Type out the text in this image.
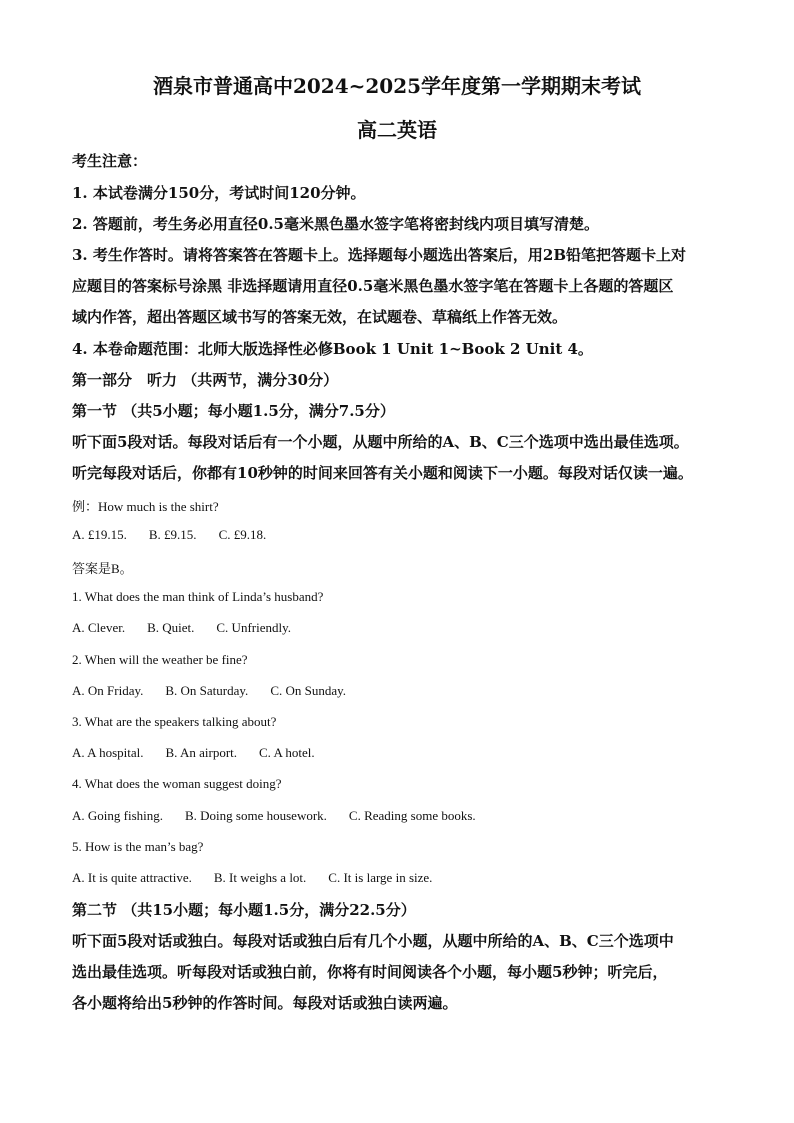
酒泉市普通高中2024~2025学年度第一学期期末考试
高二英语
考生注意：
1. 本试卷满分150分，考试时间120分钟。
2. 答题前，考生务必用直径0.5毫米黑色墨水签字笔将密封线内项目填写清楚。
3. 考生作答时。请将答案答在答题卡上。选择题每小题选出答案后，用2B铅笔把答题卡上对
应题目的答案标号涂黑 非选择题请用直径0.5毫米黑色墨水签字笔在答题卡上各题的答题区
域内作答，超出答题区域书写的答案无效，在试题卷、草稿纸上作答无效。
4. 本卷命题范围：北师大版选择性必修Book 1 Unit 1~Book 2 Unit 4。
第一部分　听力 （共两节，满分30分）
第一节 （共5小题；每小题1.5分，满分7.5分）
听下面5段对话。每段对话后有一个小题，从题中所给的A、B、C三个选项中选出最佳选项。
听完每段对话后，你都有10秒钟的时间来回答有关小题和阅读下一小题。每段对话仅读一遍。
例：How much is the shirt?
A. £19.15. B. £9.15. C. £9.18.
答案是B。
1. What does the man think of Linda’s husband?
A. Clever. B. Quiet. C. Unfriendly.
2. When will the weather be fine?
A. On Friday. B. On Saturday. C. On Sunday.
3. What are the speakers talking about?
A. A hospital. B. An airport. C. A hotel.
4. What does the woman suggest doing?
A. Going fishing. B. Doing some housework. C. Reading some books.
5. How is the man’s bag?
A. It is quite attractive. B. It weighs a lot. C. It is large in size.
第二节 （共15小题；每小题1.5分，满分22.5分）
听下面5段对话或独白。每段对话或独白后有几个小题，从题中所给的A、B、C三个选项中
选出最佳选项。听每段对话或独白前，你将有时间阅读各个小题，每小题5秒钟；听完后，
各小题将给出5秒钟的作答时间。每段对话或独白读两遍。
